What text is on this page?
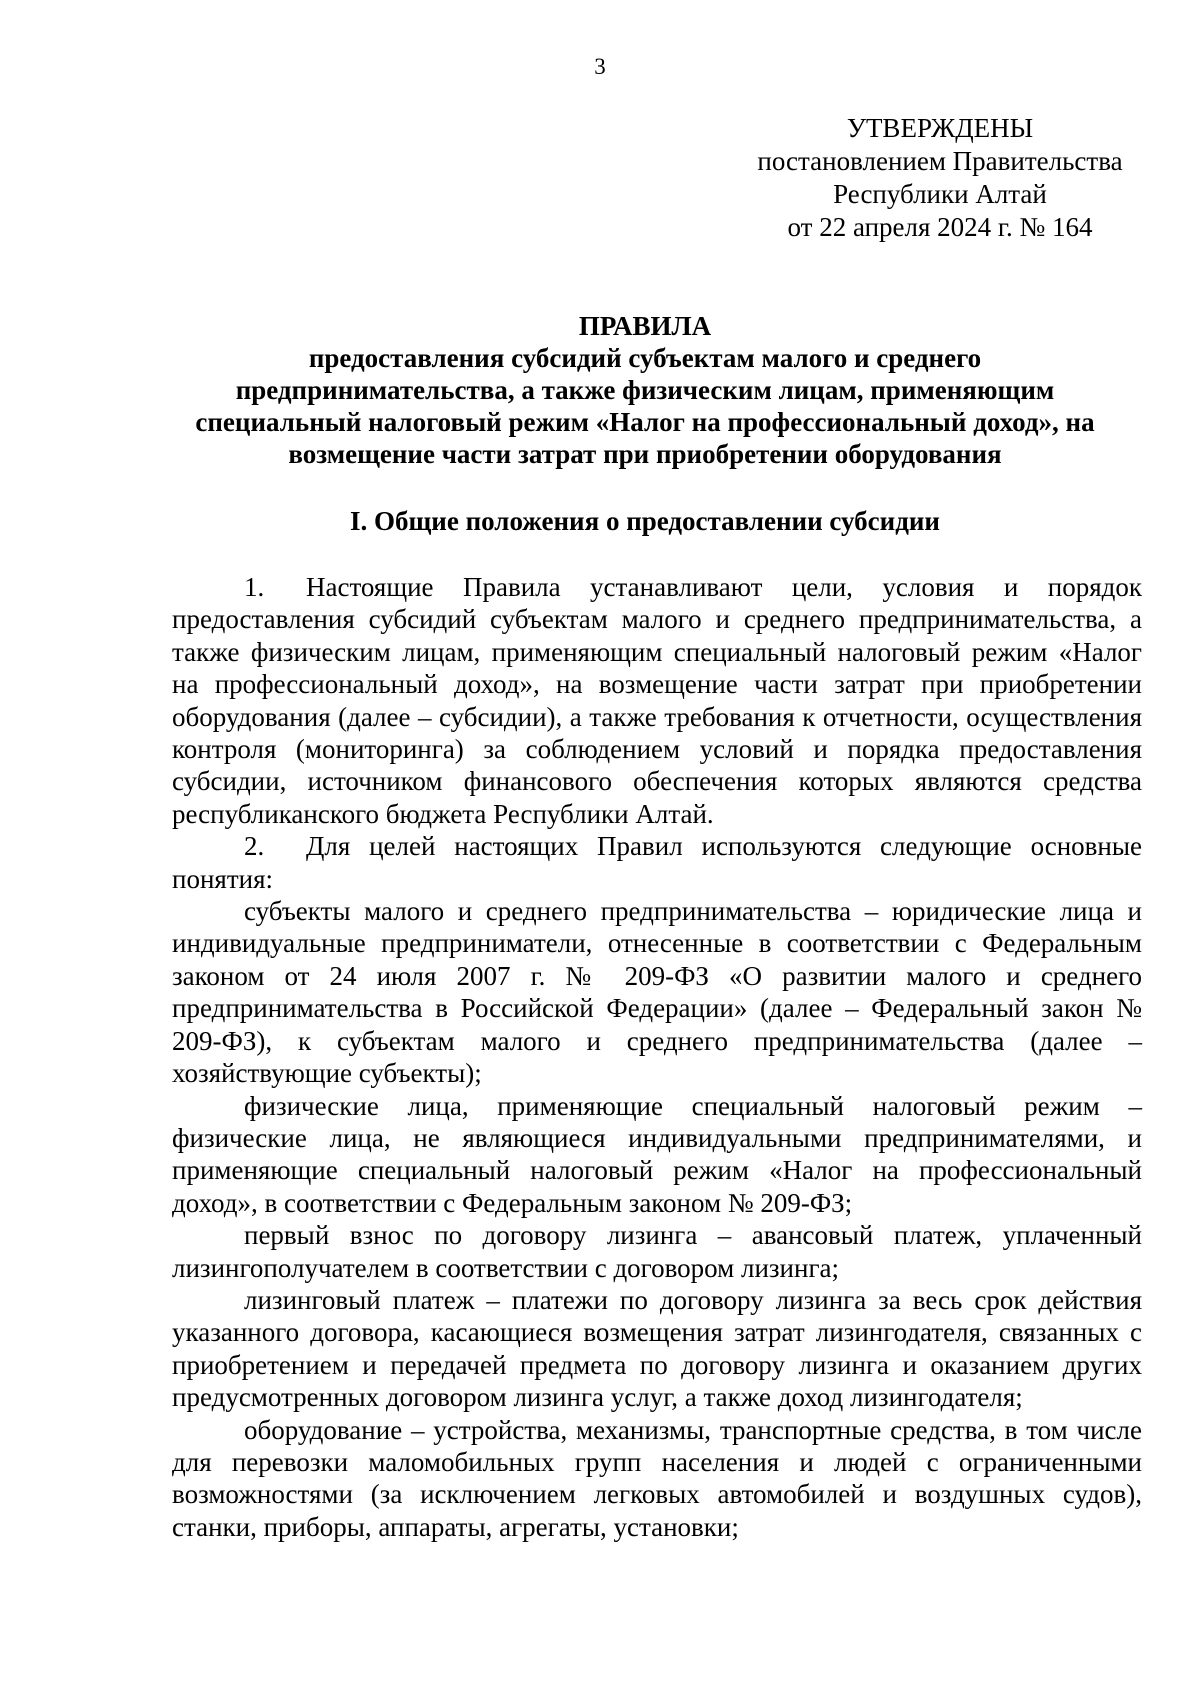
3
УТВЕРЖДЕНЫ
постановлением Правительства
Республики Алтай
от 22 апреля 2024 г. № 164
ПРАВИЛА
предоставления субсидий субъектам малого и среднего
предпринимательства, а также физическим лицам, применяющим
специальный налоговый режим «Налог на профессиональный доход», на
возмещение части затрат при приобретении оборудования
I. Общие положения о предоставлении субсидии

1. Настоящие Правила устанавливают цели, условия и порядок предоставления субсидий субъектам малого и среднего предпринимательства, а также физическим лицам, применяющим специальный налоговый режим «Налог на профессиональный доход», на возмещение части затрат при приобретении оборудования (далее – субсидии), а также требования к отчетности, осуществления контроля (мониторинга) за соблюдением условий и порядка предоставления субсидии, источником финансового обеспечения которых являются средства республиканского бюджета Республики Алтай.

2. Для целей настоящих Правил используются следующие основные понятия:

субъекты малого и среднего предпринимательства – юридические лица и индивидуальные предприниматели, отнесенные в соответствии с Федеральным законом от 24 июля 2007 г. № 209-ФЗ «О развитии малого и среднего предпринимательства в Российской Федерации» (далее – Федеральный закон № 209-ФЗ), к субъектам малого и среднего предпринимательства (далее – хозяйствующие субъекты);

физические лица, применяющие специальный налоговый режим – физические лица, не являющиеся индивидуальными предпринимателями, и применяющие специальный налоговый режим «Налог на профессиональный доход», в соответствии с Федеральным законом № 209-ФЗ;

первый взнос по договору лизинга – авансовый платеж, уплаченный лизингополучателем в соответствии с договором лизинга;

лизинговый платеж – платежи по договору лизинга за весь срок действия указанного договора, касающиеся возмещения затрат лизингодателя, связанных с приобретением и передачей предмета по договору лизинга и оказанием других предусмотренных договором лизинга услуг, а также доход лизингодателя;

оборудование – устройства, механизмы, транспортные средства, в том числе для перевозки маломобильных групп населения и людей с ограниченными возможностями (за исключением легковых автомобилей и воздушных судов), станки, приборы, аппараты, агрегаты, установки;
